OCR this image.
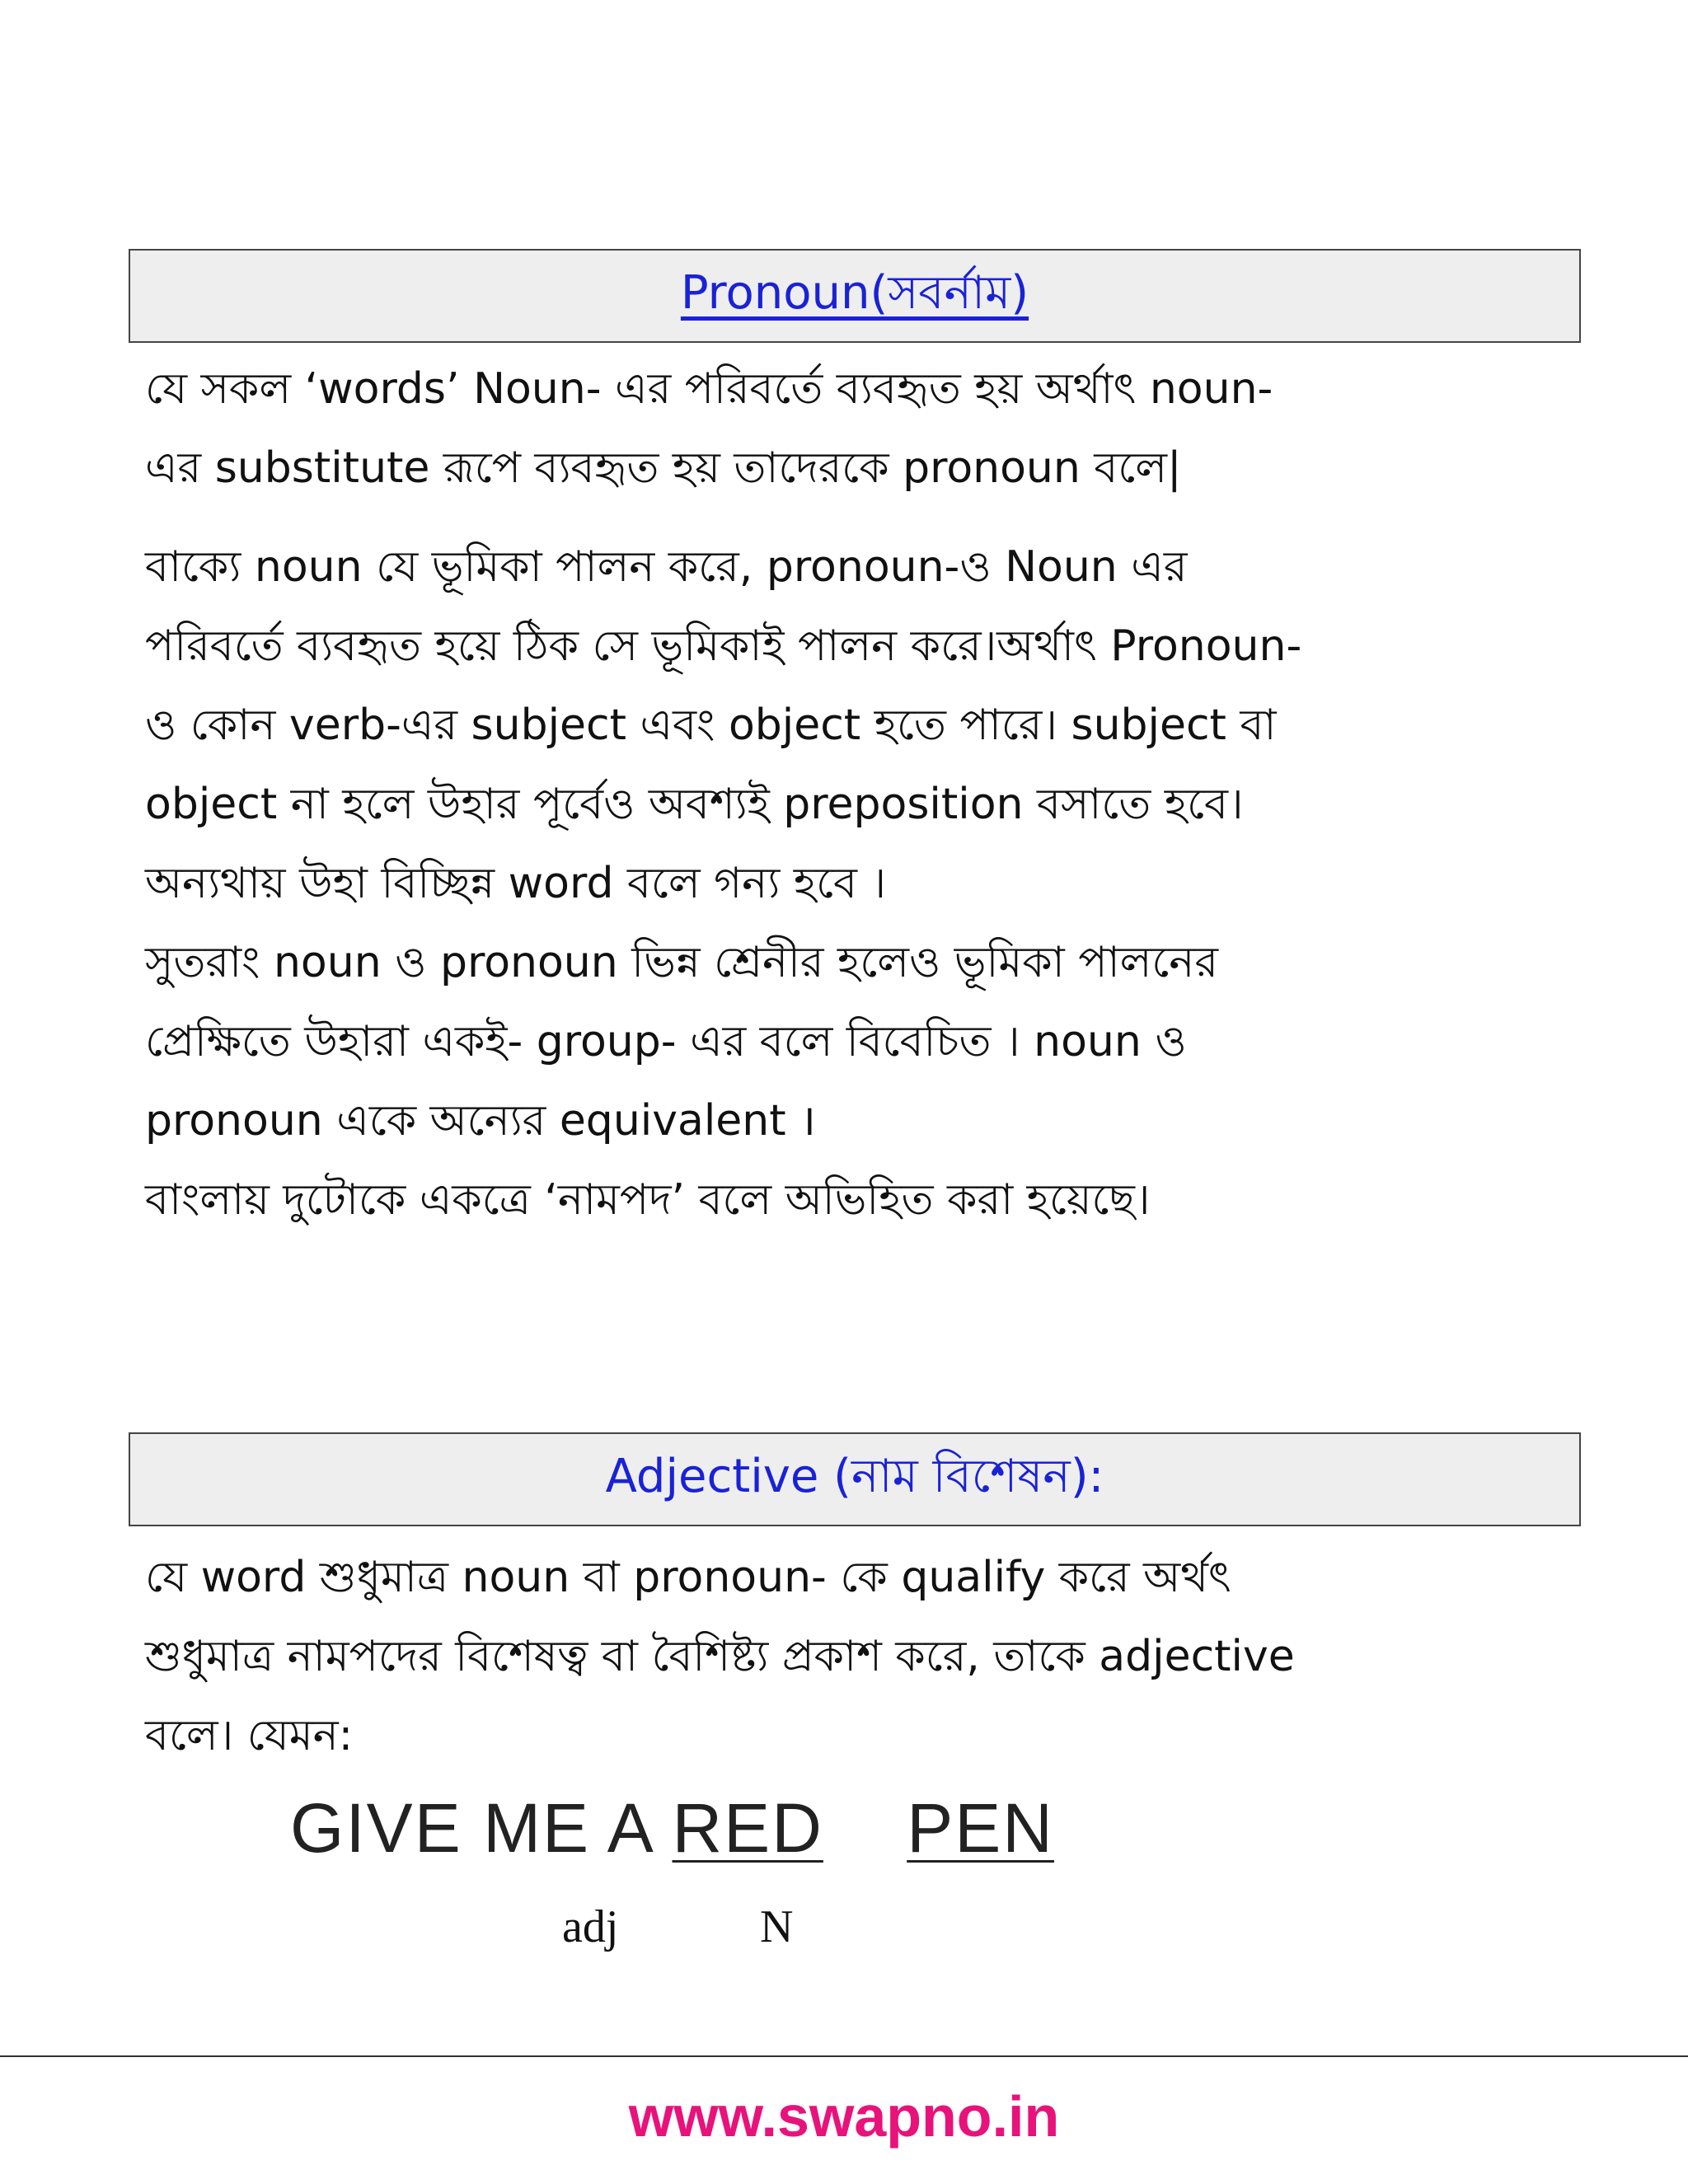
Pronoun(সবর্নাম)

যে সকল ‘words’ Noun- এর পরিবর্তে ব্যবহৃত হয় অর্থাৎ noun-
এর substitute রূপে ব্যবহৃত হয় তাদেরকে pronoun বলে|

বাক্যে noun যে ভূমিকা পালন করে, pronoun-ও Noun এর
পরিবর্তে ব্যবহৃত হয়ে ঠিক সে ভূমিকাই পালন করে।অর্থাৎ Pronoun-
ও কোন verb-এর subject এবং object হতে পারে। subject বা
object না হলে উহার পূর্বেও অবশ্যই preposition বসাতে হবে।
অন্যথায় উহা বিচ্ছিন্ন word বলে গন্য হবে ।

সুতরাং noun ও pronoun ভিন্ন শ্রেনীর হলেও ভূমিকা পালনের
প্রেক্ষিতে উহারা একই- group- এর বলে বিবেচিত । noun ও
pronoun একে অন্যের equivalent ।

বাংলায় দুটোকে একত্রে ‘নামপদ’ বলে অভিহিত করা হয়েছে।

Adjective (নাম বিশেষন):

যে word শুধুমাত্র noun বা pronoun- কে qualify করে অর্থৎ
শুধুমাত্র নামপদের বিশেষত্ব বা বৈশিষ্ট্য প্রকাশ করে, তাকে adjective
বলে। যেমন:

GIVE ME A RED PEN

adj	N

www.swapno.in
